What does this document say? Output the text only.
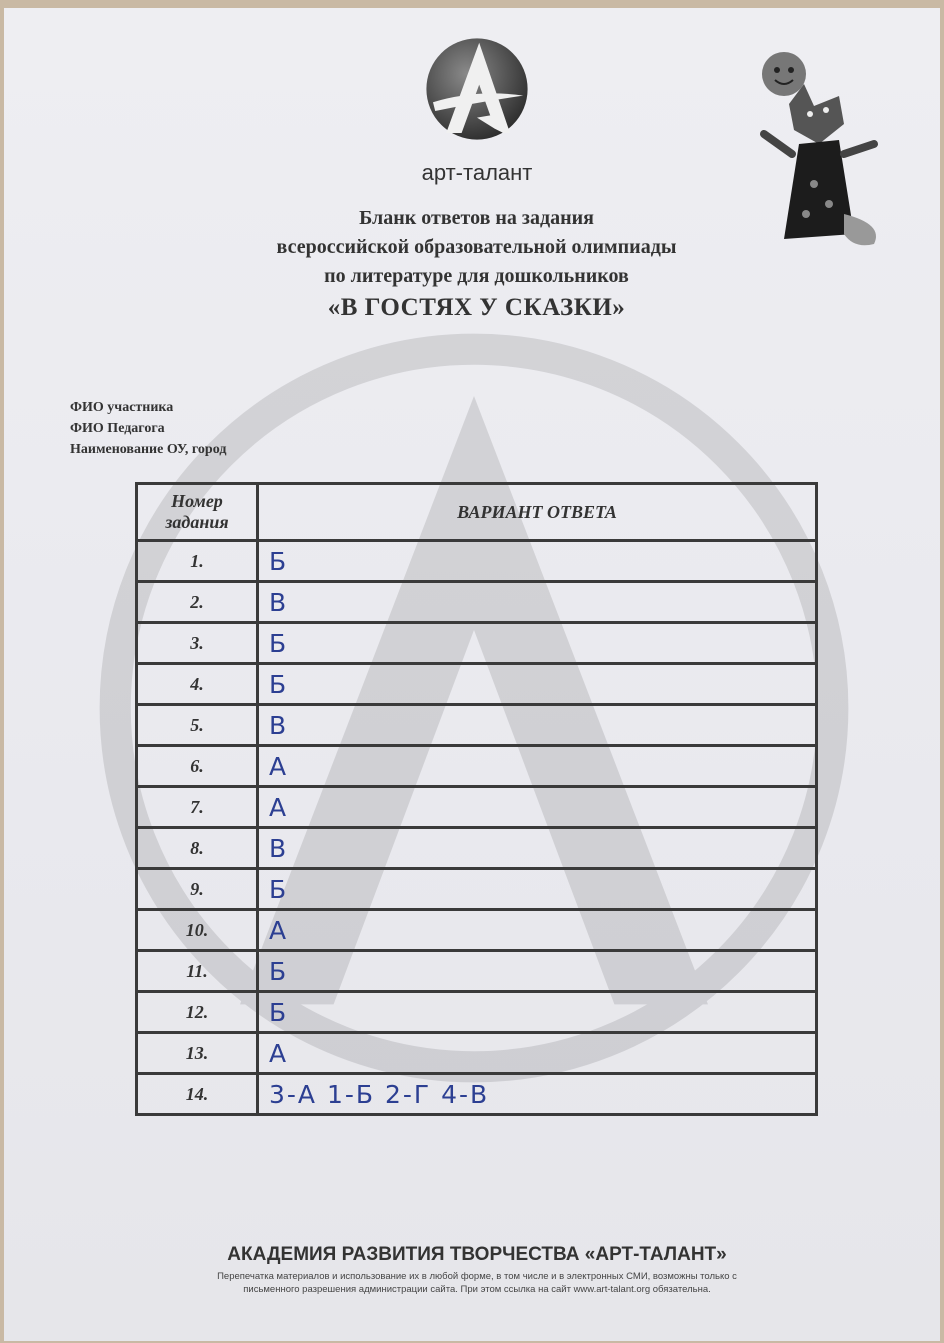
арт-талант
Бланк ответов на задания
всероссийской образовательной олимпиады
по литературе для дошкольников
«В ГОСТЯХ У СКАЗКИ»
ФИО участника
ФИО Педагога
Наименование ОУ, город
Номер задания	ВАРИАНТ ОТВЕТА
1.	Б
2.	В
3.	Б
4.	Б
5.	В
6.	А
7.	А
8.	В
9.	Б
10.	А
11.	Б
12.	Б
13.	А
14.	3-А 1-Б 2-Г 4-В
АКАДЕМИЯ РАЗВИТИЯ ТВОРЧЕСТВА «АРТ-ТАЛАНТ»
Перепечатка материалов и использование их в любой форме, в том числе и в электронных СМИ, возможны только с
письменного разрешения администрации сайта. При этом ссылка на сайт www.art-talant.org обязательна.
